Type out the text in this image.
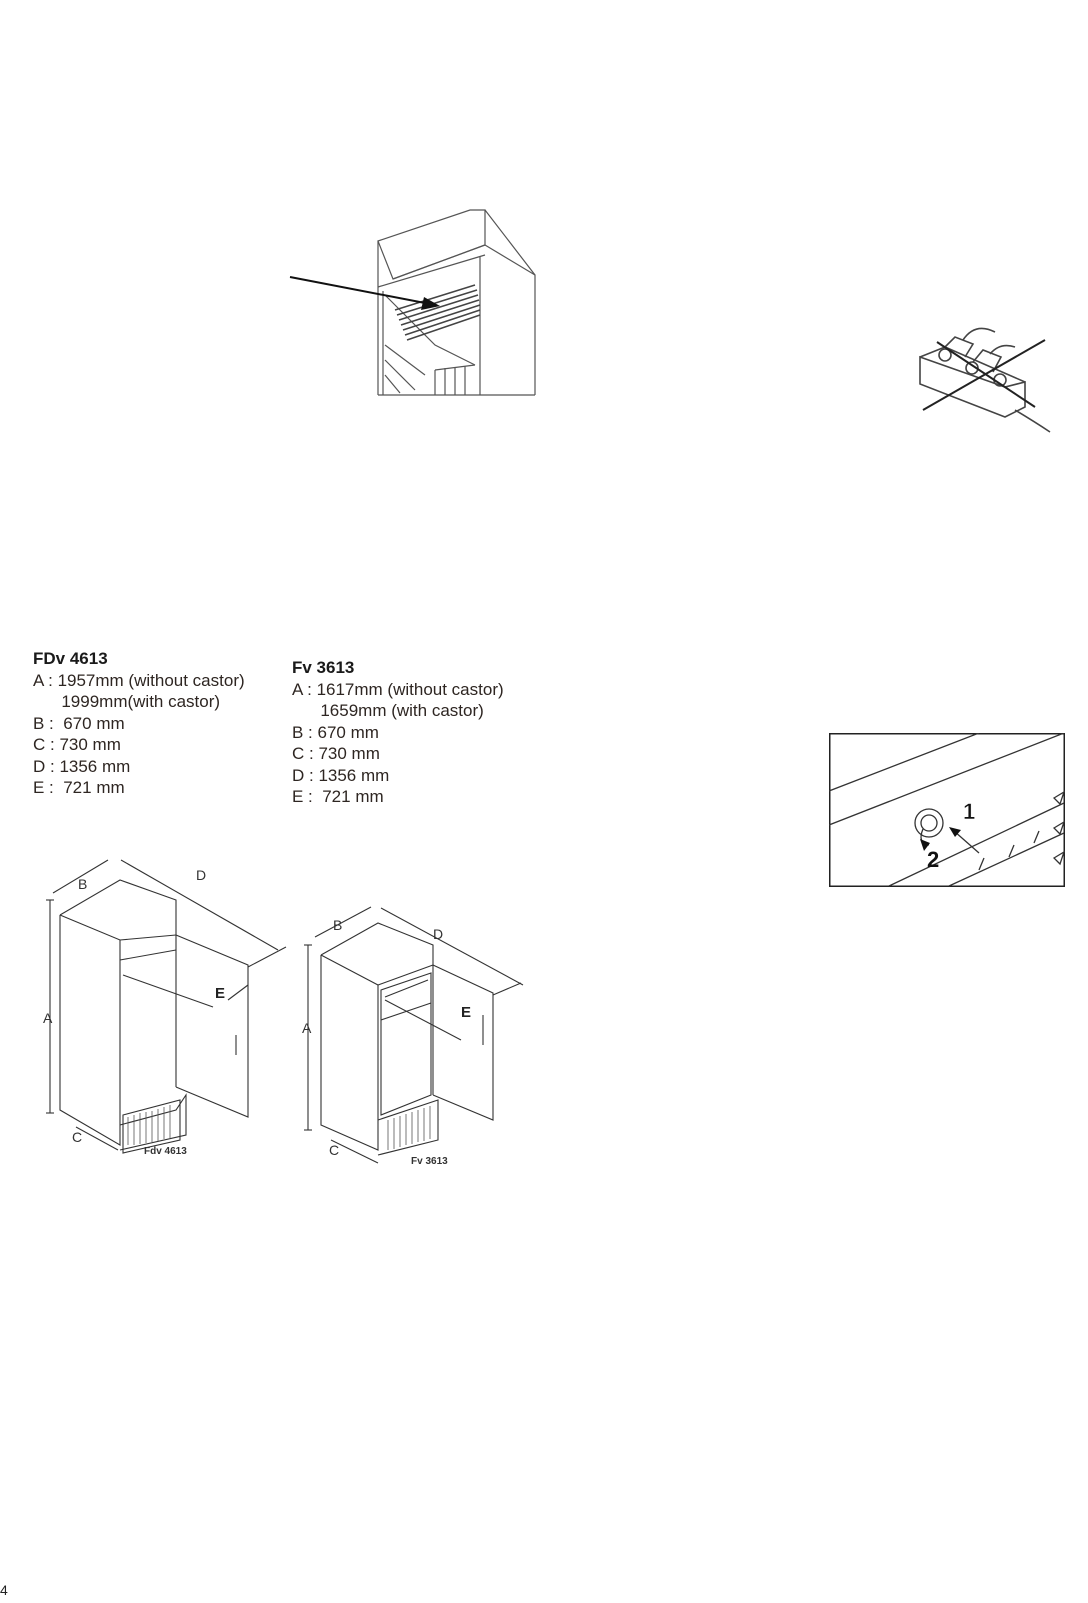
FDv 4613
A : 1957mm (without castor)
1999mm(with castor)
B :  670 mm
C : 730 mm
D : 1356 mm
E :  721 mm
Fv 3613
A : 1617mm (without castor)
1659mm (with castor)
B : 670 mm
C : 730 mm
D : 1356 mm
E :  721 mm
1
2
B
D
A
E
C
Fdv 4613
B
D
A
E
C
Fv 3613
4
